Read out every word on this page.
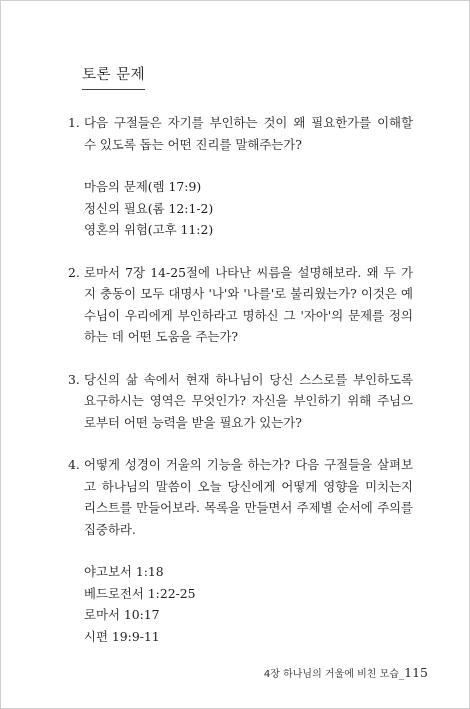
토론 문제
1. 다음 구절들은 자기를 부인하는 것이 왜 필요한가를 이해할 수 있도록 돕는 어떤 진리를 말해주는가?
마음의 문제(렘 17:9)
정신의 필요(롬 12:1-2)
영혼의 위험(고후 11:2)
2. 로마서 7장 14-25절에 나타난 씨름을 설명해보라. 왜 두 가지 충동이 모두 대명사 '나'와 '나를'로 불리웠는가? 이것은 예수님이 우리에게 부인하라고 명하신 그 '자아'의 문제를 정의하는 데 어떤 도움을 주는가?
3. 당신의 삶 속에서 현재 하나님이 당신 스스로를 부인하도록 요구하시는 영역은 무엇인가? 자신을 부인하기 위해 주님으로부터 어떤 능력을 받을 필요가 있는가?
4. 어떻게 성경이 거울의 기능을 하는가? 다음 구절들을 살펴보고 하나님의 말씀이 오늘 당신에게 어떻게 영향을 미치는지 리스트를 만들어보라. 목록을 만들면서 주제별 순서에 주의를 집중하라.
야고보서 1:18
베드로전서 1:22-25
로마서 10:17
시편 19:9-11
4장 하나님의 거울에 비친 모습_115
